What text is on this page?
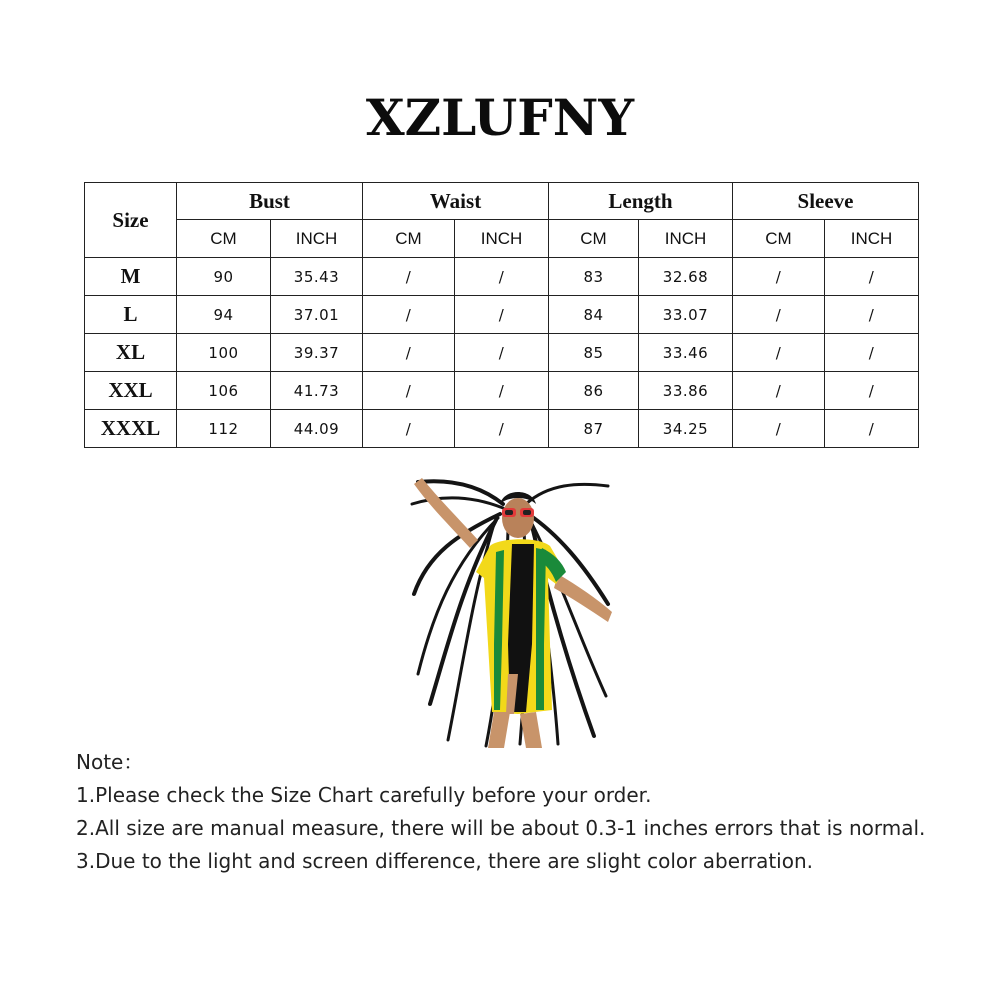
XZLUFNY
Size	Bust		Waist		Length		Sleeve	
	CM	INCH	CM	INCH	CM	INCH	CM	INCH
M	90	35.43	/	/	83	32.68	/	/
L	94	37.01	/	/	84	33.07	/	/
XL	100	39.37	/	/	85	33.46	/	/
XXL	106	41.73	/	/	86	33.86	/	/
XXXL	112	44.09	/	/	87	34.25	/	/

Note：

1.Please check the Size Chart carefully before your order.

2.All size are manual measure, there will be about 0.3-1 inches errors that is normal.

3.Due to the light and screen difference, there are slight color aberration.
